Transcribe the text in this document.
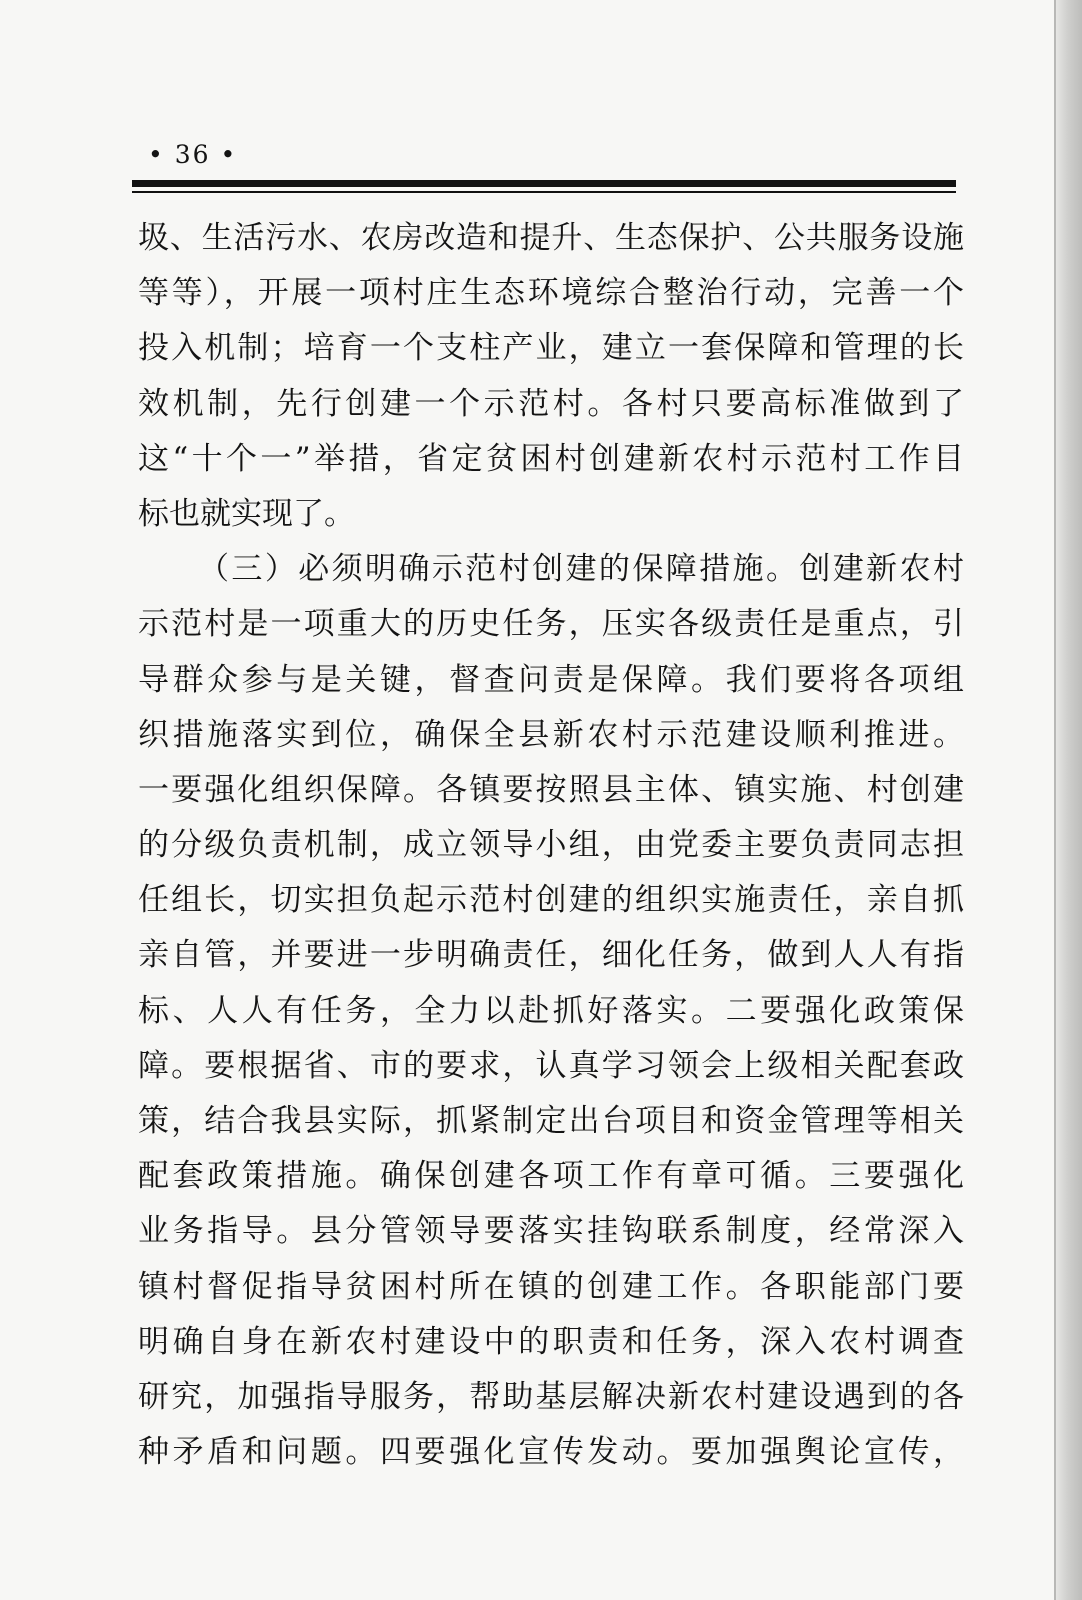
• 36 •
圾、生活污水、农房改造和提升、生态保护、公共服务设施
等等），开展一项村庄生态环境综合整治行动，完善一个
投入机制；培育一个支柱产业，建立一套保障和管理的长
效机制，先行创建一个示范村。各村只要高标准做到了
这“十个一”举措，省定贫困村创建新农村示范村工作目
标也就实现了。
（三）必须明确示范村创建的保障措施。创建新农村
示范村是一项重大的历史任务，压实各级责任是重点，引
导群众参与是关键，督查问责是保障。我们要将各项组
织措施落实到位，确保全县新农村示范建设顺利推进。
一要强化组织保障。各镇要按照县主体、镇实施、村创建
的分级负责机制，成立领导小组，由党委主要负责同志担
任组长，切实担负起示范村创建的组织实施责任，亲自抓
亲自管，并要进一步明确责任，细化任务，做到人人有指
标、人人有任务，全力以赴抓好落实。二要强化政策保
障。要根据省、市的要求，认真学习领会上级相关配套政
策，结合我县实际，抓紧制定出台项目和资金管理等相关
配套政策措施。确保创建各项工作有章可循。三要强化
业务指导。县分管领导要落实挂钩联系制度，经常深入
镇村督促指导贫困村所在镇的创建工作。各职能部门要
明确自身在新农村建设中的职责和任务，深入农村调查
研究，加强指导服务，帮助基层解决新农村建设遇到的各
种矛盾和问题。四要强化宣传发动。要加强舆论宣传，
